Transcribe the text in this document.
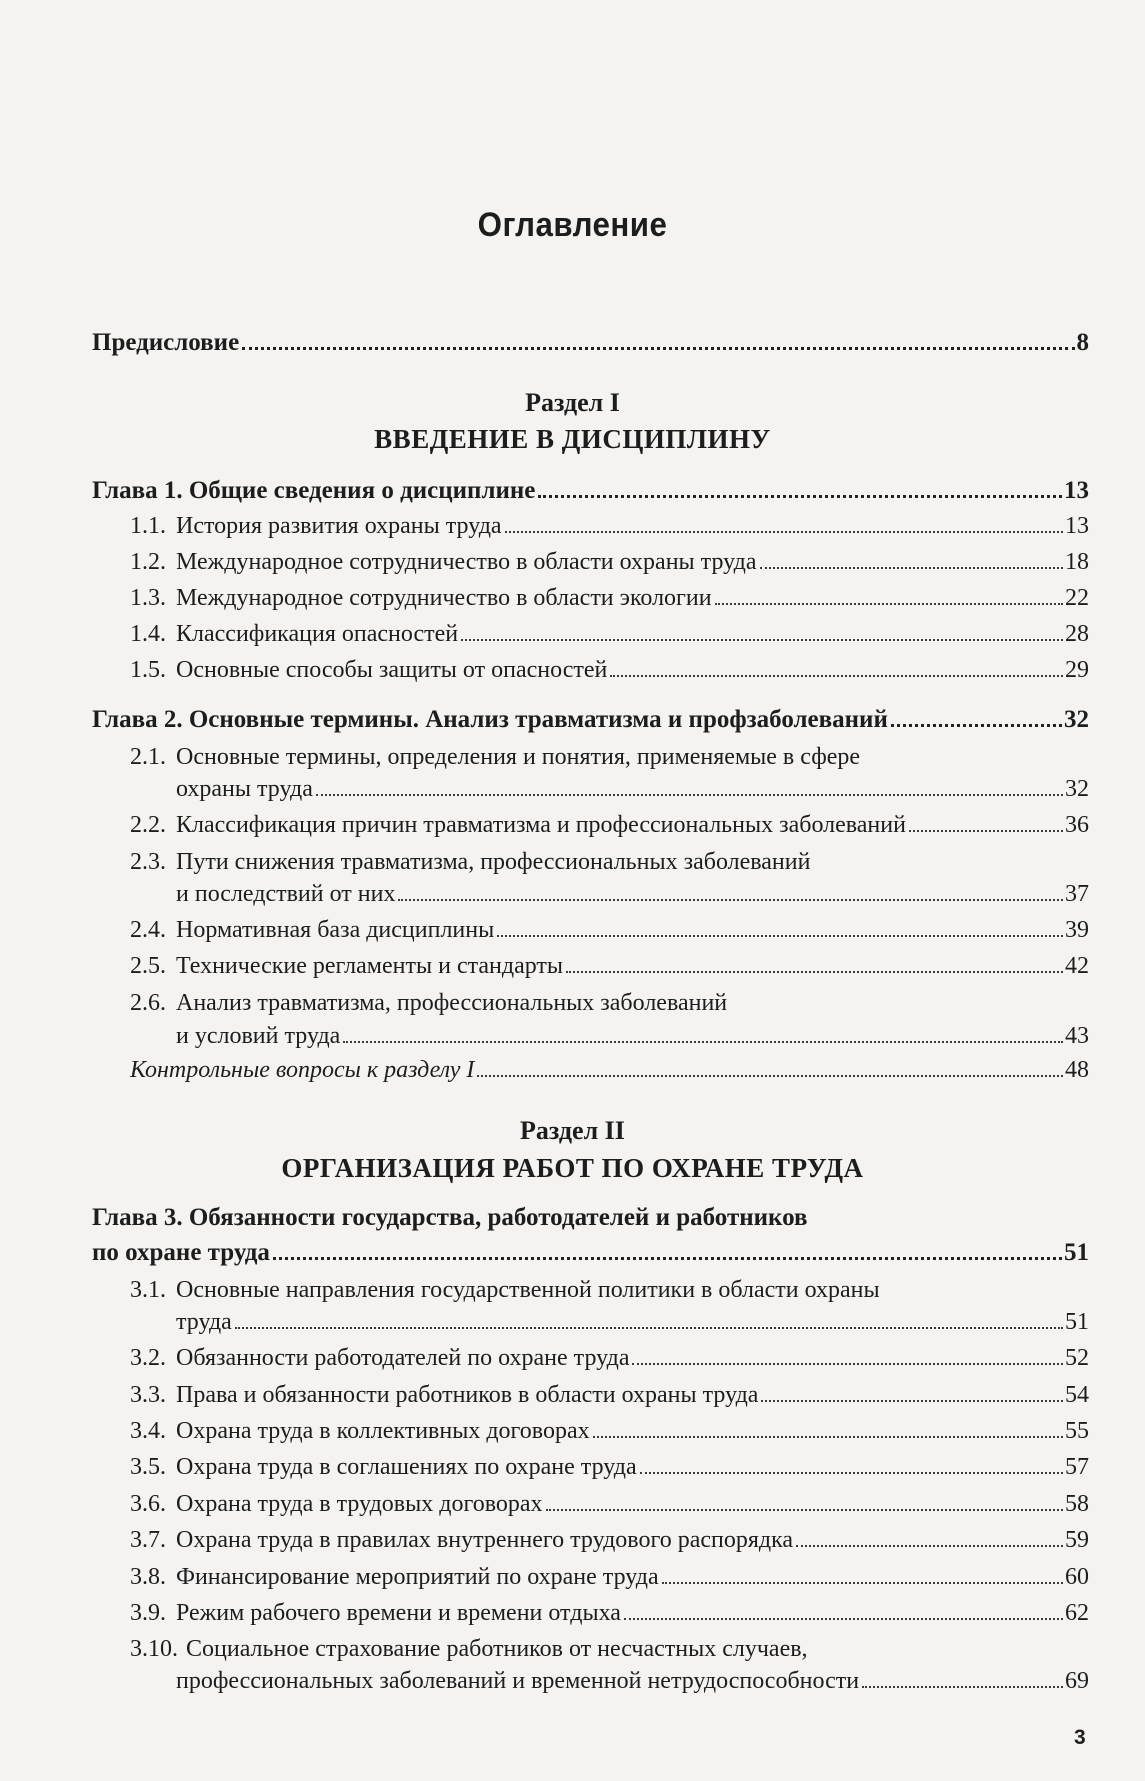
Оглавление
Предисловие	8
Раздел I
ВВЕДЕНИЕ В ДИСЦИПЛИНУ
Глава 1. Общие сведения о дисциплине	13
1.1. История развития охраны труда	13
1.2. Международное сотрудничество в области охраны труда	18
1.3. Международное сотрудничество в области экологии	22
1.4. Классификация опасностей	28
1.5. Основные способы защиты от опасностей	29
Глава 2. Основные термины. Анализ травматизма и профзаболеваний	32
2.1. Основные термины, определения и понятия, применяемые в сфере
охраны труда	32
2.2. Классификация причин травматизма и профессиональных заболеваний	36
2.3. Пути снижения травматизма, профессиональных заболеваний
и последствий от них	37
2.4. Нормативная база дисциплины	39
2.5. Технические регламенты и стандарты	42
2.6. Анализ травматизма, профессиональных заболеваний
и условий труда	43
Контрольные вопросы к разделу I	48
Раздел II
ОРГАНИЗАЦИЯ РАБОТ ПО ОХРАНЕ ТРУДА
Глава 3. Обязанности государства, работодателей и работников
по охране труда	51
3.1. Основные направления государственной политики в области охраны
труда	51
3.2. Обязанности работодателей по охране труда	52
3.3. Права и обязанности работников в области охраны труда	54
3.4. Охрана труда в коллективных договорах	55
3.5. Охрана труда в соглашениях по охране труда	57
3.6. Охрана труда в трудовых договорах	58
3.7. Охрана труда в правилах внутреннего трудового распорядка	59
3.8. Финансирование мероприятий по охране труда	60
3.9. Режим рабочего времени и времени отдыха	62
3.10. Социальное страхование работников от несчастных случаев,
профессиональных заболеваний и временной нетрудоспособности	69
3
